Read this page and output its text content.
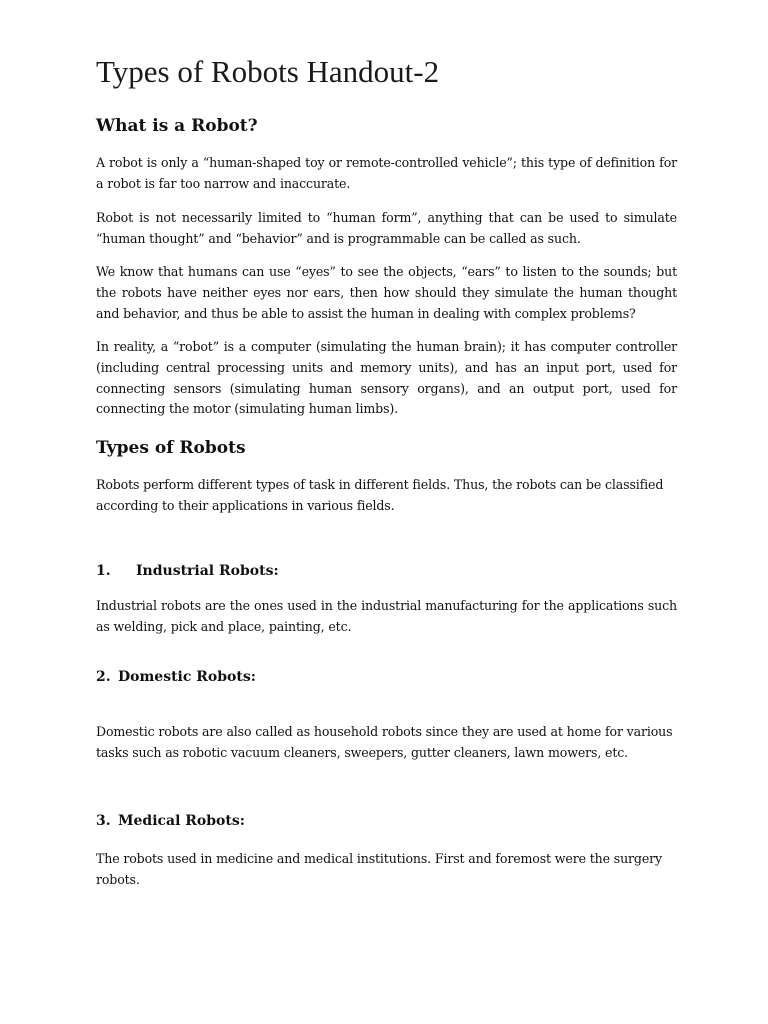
Types of Robots Handout-2
What is a Robot?

A robot is only a “human-shaped toy or remote-controlled vehicle”; this type of definition for a robot is far too narrow and inaccurate.

Robot is not necessarily limited to “human form”, anything that can be used to simulate “human thought” and “behavior” and is programmable can be called as such.

We know that humans can use “eyes” to see the objects, “ears” to listen to the sounds; but the robots have neither eyes nor ears, then how should they simulate the human thought and behavior, and thus be able to assist the human in dealing with complex problems?

In reality, a “robot” is a computer (simulating the human brain); it has computer controller (including central processing units and memory units), and has an input port, used for connecting sensors (simulating human sensory organs), and an output port, used for connecting the motor (simulating human limbs).

Types of Robots

Robots perform different types of task in different fields. Thus, the robots can be classified according to their applications in various fields.

1. Industrial Robots:

Industrial robots are the ones used in the industrial manufacturing for the applications such as welding, pick and place, painting, etc.

2. Domestic Robots:

Domestic robots are also called as household robots since they are used at home for various tasks such as robotic vacuum cleaners, sweepers, gutter cleaners, lawn mowers, etc.

3. Medical Robots:

The robots used in medicine and medical institutions. First and foremost were the surgery robots.
